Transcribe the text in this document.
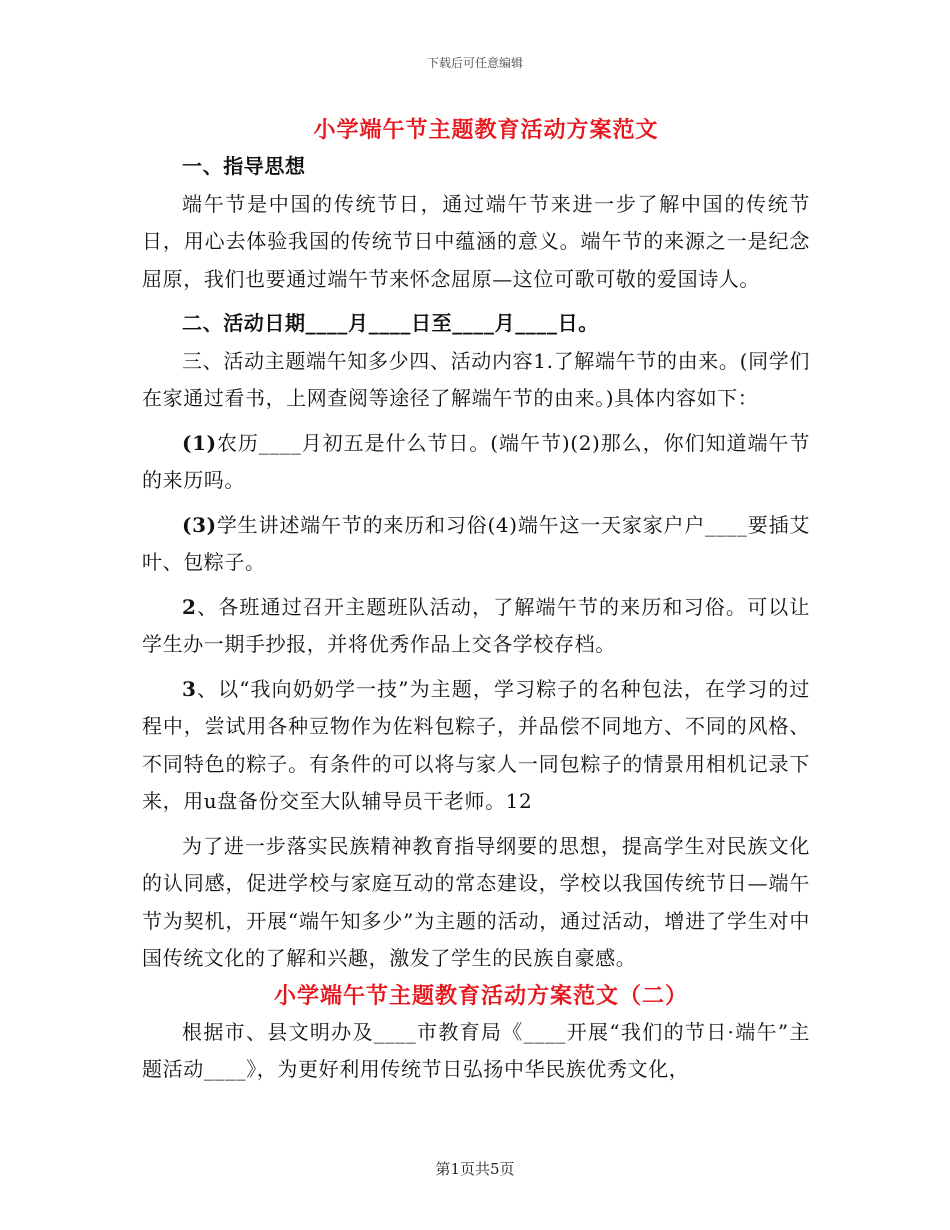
下载后可任意编辑
小学端午节主题教育活动方案范文

一、指导思想

端午节是中国的传统节日，通过端午节来进一步了解中国的传统节日，用心去体验我国的传统节日中蕴涵的意义。端午节的来源之一是纪念屈原，我们也要通过端午节来怀念屈原—这位可歌可敬的爱国诗人。

二、活动日期____月____日至____月____日。

三、活动主题端午知多少四、活动内容1.了解端午节的由来。(同学们在家通过看书，上网查阅等途径了解端午节的由来。)具体内容如下：

(1)农历____月初五是什么节日。(端午节)(2)那么，你们知道端午节的来历吗。

(3)学生讲述端午节的来历和习俗(4)端午这一天家家户户____要插艾叶、包粽子。

2、各班通过召开主题班队活动，了解端午节的来历和习俗。可以让学生办一期手抄报，并将优秀作品上交各学校存档。

3、以“我向奶奶学一技”为主题，学习粽子的名种包法，在学习的过程中，尝试用各种豆物作为佐料包粽子，并品偿不同地方、不同的风格、不同特色的粽子。有条件的可以将与家人一同包粽子的情景用相机记录下来，用u盘备份交至大队辅导员干老师。12

为了进一步落实民族精神教育指导纲要的思想，提高学生对民族文化的认同感，促进学校与家庭互动的常态建设，学校以我国传统节日—端午节为契机，开展“端午知多少”为主题的活动，通过活动，增进了学生对中国传统文化的了解和兴趣，激发了学生的民族自豪感。

小学端午节主题教育活动方案范文（二）

根据市、县文明办及____市教育局《____开展“我们的节日·端午”主题活动____》，为更好利用传统节日弘扬中华民族优秀文化，

第1页共5页
